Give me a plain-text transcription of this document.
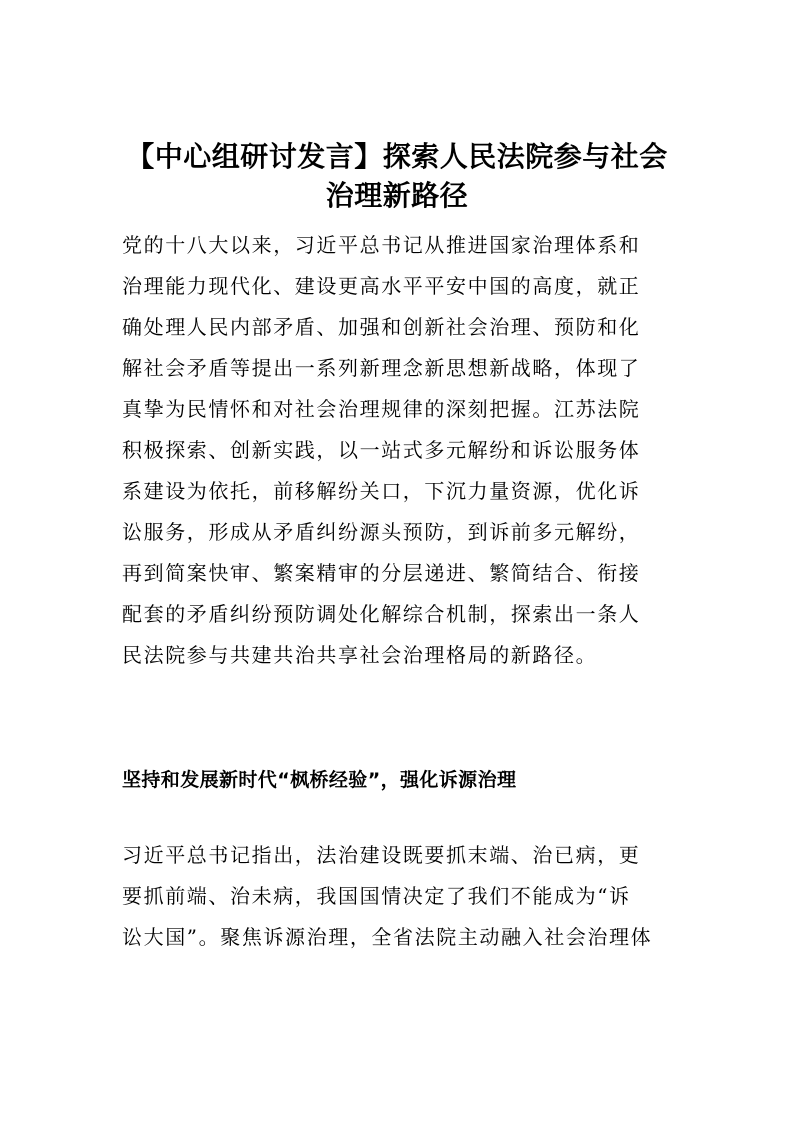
【中心组研讨发言】探索人民法院参与社会
治理新路径
党的十八大以来，习近平总书记从推进国家治理体系和
治理能力现代化、建设更高水平平安中国的高度，就正
确处理人民内部矛盾、加强和创新社会治理、预防和化
解社会矛盾等提出一系列新理念新思想新战略，体现了
真挚为民情怀和对社会治理规律的深刻把握。江苏法院
积极探索、创新实践，以一站式多元解纷和诉讼服务体
系建设为依托，前移解纷关口，下沉力量资源，优化诉
讼服务，形成从矛盾纠纷源头预防，到诉前多元解纷，
再到简案快审、繁案精审的分层递进、繁简结合、衔接
配套的矛盾纠纷预防调处化解综合机制，探索出一条人
民法院参与共建共治共享社会治理格局的新路径。
坚持和发展新时代“枫桥经验”，强化诉源治理
习近平总书记指出，法治建设既要抓末端、治已病，更
要抓前端、治未病，我国国情决定了我们不能成为“诉
讼大国”。聚焦诉源治理，全省法院主动融入社会治理体
